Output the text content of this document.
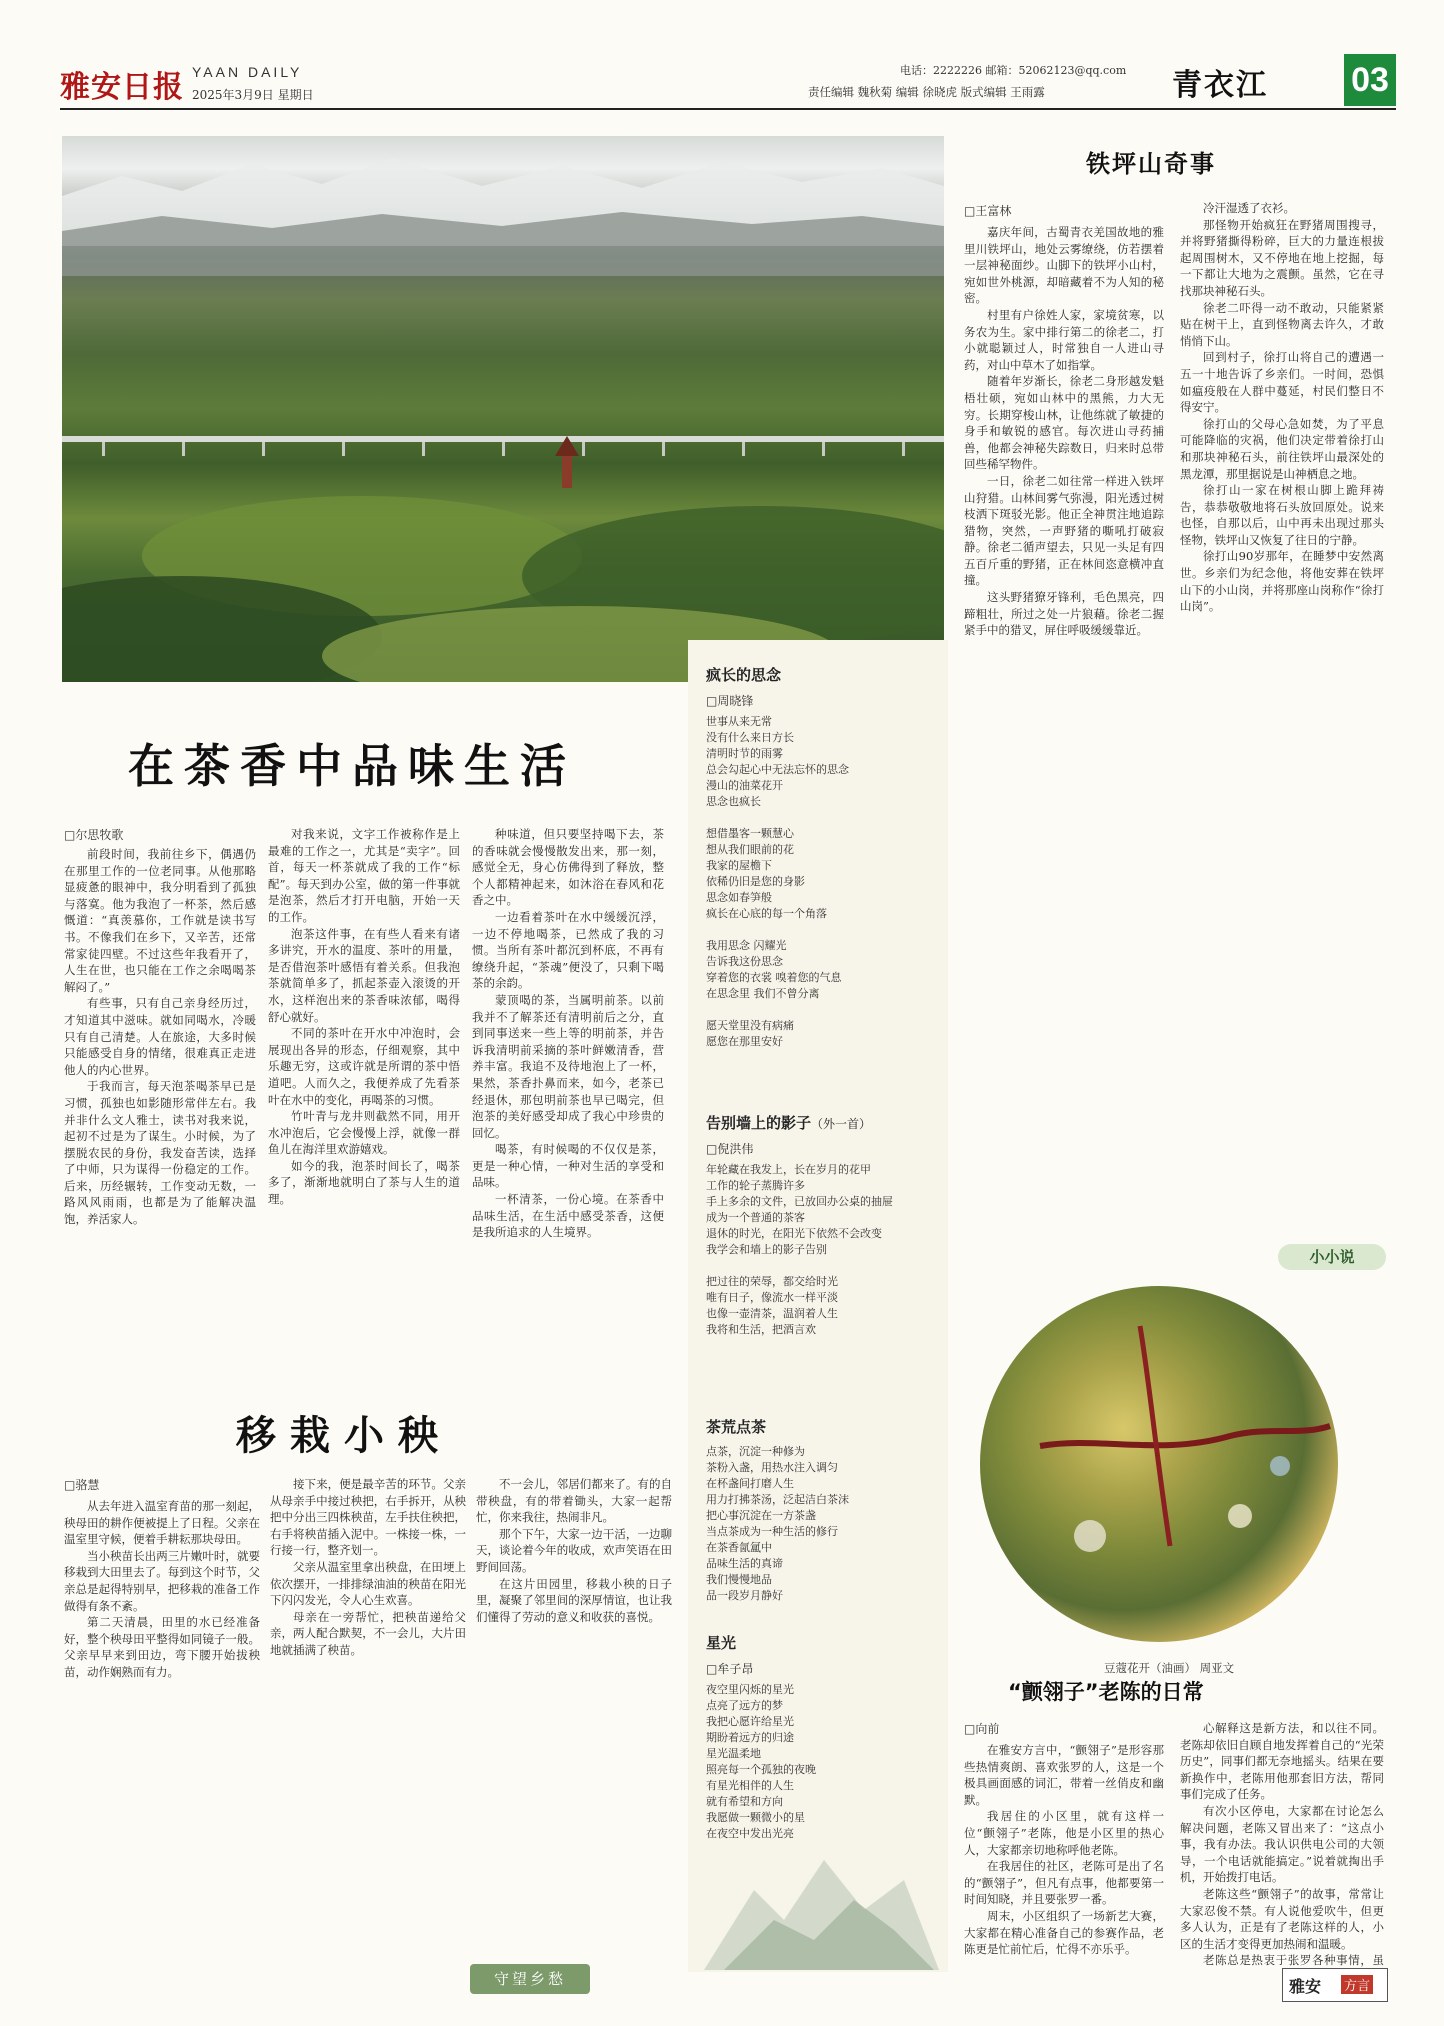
雅安日报 YAAN DAILY
2025年3月9日 星期日
电话：2222226 邮箱：52062123@qq.com
责任编辑 魏秋菊 编辑 徐晓虎 版式编辑 王雨露	青衣江 03
铁坪山奇事
□王富林

嘉庆年间，古蜀青衣羌国故地的雅里川铁坪山，地处云雾缭绕，仿若摆着一层神秘面纱。山脚下的铁坪小山村，宛如世外桃源，却暗藏着不为人知的秘密。

村里有户徐姓人家，家境贫寒，以务农为生。家中排行第二的徐老二，打小就聪颖过人，时常独自一人进山寻药，对山中草木了如指掌。

随着年岁渐长，徐老二身形越发魁梧壮硕，宛如山林中的黑熊，力大无穷。长期穿梭山林，让他练就了敏捷的身手和敏锐的感官。每次进山寻药捕兽，他都会神秘失踪数日，归来时总带回些稀罕物件。

一日，徐老二如往常一样进入铁坪山狩猎。山林间雾气弥漫，阳光透过树枝洒下斑驳光影。他正全神贯注地追踪猎物，突然，一声野猪的嘶吼打破寂静。徐老二循声望去，只见一头足有四五百斤重的野猪，正在林间恣意横冲直撞。

这头野猪獠牙锋利，毛色黑亮，四蹄粗壮，所过之处一片狼藉。徐老二握紧手中的猎叉，屏住呼吸缓缓靠近。

冷汗湿透了衣衫。

那怪物开始疯狂在野猪周围搜寻，并将野猪撕得粉碎，巨大的力量连根拔起周围树木，又不停地在地上挖掘，每一下都让大地为之震颤。虽然，它在寻找那块神秘石头。

徐老二吓得一动不敢动，只能紧紧贴在树干上，直到怪物离去许久，才敢悄悄下山。

回到村子，徐打山将自己的遭遇一五一十地告诉了乡亲们。一时间，恐惧如瘟疫般在人群中蔓延，村民们整日不得安宁。

徐打山的父母心急如焚，为了平息可能降临的灾祸，他们决定带着徐打山和那块神秘石头，前往铁坪山最深处的黑龙潭，那里据说是山神栖息之地。

徐打山一家在树根山脚上跪拜祷告，恭恭敬敬地将石头放回原处。说来也怪，自那以后，山中再未出现过那头怪物，铁坪山又恢复了往日的宁静。

徐打山90岁那年，在睡梦中安然离世。乡亲们为纪念他，将他安葬在铁坪山下的小山岗，并将那座山岗称作“徐打山岗”。

小小说
在茶香中品味生活
□尔思牧歌

前段时间，我前往乡下，偶遇仍在那里工作的一位老同事。从他那略显疲惫的眼神中，我分明看到了孤独与落寞。他为我泡了一杯茶，然后感慨道：“真羡慕你，工作就是读书写书。不像我们在乡下，又辛苦，还常常家徒四壁。不过这些年我看开了，人生在世，也只能在工作之余喝喝茶解闷了。”

有些事，只有自己亲身经历过，才知道其中滋味。就如同喝水，冷暖只有自己清楚。人在旅途，大多时候只能感受自身的情绪，很难真正走进他人的内心世界。

于我而言，每天泡茶喝茶早已是习惯，孤独也如影随形常伴左右。我并非什么文人雅士，读书对我来说，起初不过是为了谋生。小时候，为了摆脱农民的身份，我发奋苦读，选择了中师，只为谋得一份稳定的工作。后来，历经辗转，工作变动无数，一路风风雨雨，也都是为了能解决温饱，养活家人。

对我来说，文字工作被称作是上最难的工作之一，尤其是“卖字”。回首，每天一杯茶就成了我的工作“标配”。每天到办公室，做的第一件事就是泡茶，然后才打开电脑，开始一天的工作。

泡茶这件事，在有些人看来有诸多讲究，开水的温度、茶叶的用量，是否借泡茶叶感悟有着关系。但我泡茶就简单多了，抓起茶壶入滚烫的开水，这样泡出来的茶香味浓郁，喝得舒心就好。

不同的茶叶在开水中冲泡时，会展现出各异的形态，仔细观察，其中乐趣无穷，这或许就是所谓的茶中悟道吧。人而久之，我便养成了先看茶叶在水中的变化，再喝茶的习惯。

竹叶青与龙井则截然不同，用开水冲泡后，它会慢慢上浮，就像一群鱼儿在海洋里欢游嬉戏。

如今的我，泡茶时间长了，喝茶多了，渐渐地就明白了茶与人生的道理。

种味道，但只要坚持喝下去，茶的香味就会慢慢散发出来，那一刻，感觉全无，身心仿佛得到了释放，整个人都精神起来，如沐浴在春风和花香之中。

一边看着茶叶在水中缓缓沉浮，一边不停地喝茶，已然成了我的习惯。当所有茶叶都沉到杯底，不再有缭绕升起，“茶魂”便没了，只剩下喝茶的余韵。

蒙顶喝的茶，当属明前茶。以前我并不了解茶还有清明前后之分，直到同事送来一些上等的明前茶，并告诉我清明前采摘的茶叶鲜嫩清香，营养丰富。我追不及待地泡上了一杯，果然，茶香扑鼻而来，如今，老茶已经退休，那包明前茶也早已喝完，但泡茶的美好感受却成了我心中珍贵的回忆。

喝茶，有时候喝的不仅仅是茶，更是一种心情，一种对生活的享受和品味。

一杯清茶，一份心境。在茶香中品味生活，在生活中感受茶香，这便是我所追求的人生境界。

疯长的思念
□周晓锋
世事从来无常
没有什么来日方长
清明时节的雨雾
总会勾起心中无法忘怀的思念
漫山的油菜花开
思念也疯长

想借墨客一颗慧心
想从我们眼前的花
我家的屋檐下
依稀仍旧是您的身影
思念如春笋般
疯长在心底的每一个角落

我用思念 闪耀光
告诉我这份思念
穿着您的衣裳 嗅着您的气息
在思念里 我们不曾分离

愿天堂里没有病痛
愿您在那里安好
告别墙上的影子（外一首）
□倪洪伟
年轮藏在我发上，长在岁月的花甲
工作的轮子蒸腾许多
手上多余的文件，已放回办公桌的抽屉
成为一个普通的茶客
退休的时光，在阳光下依然不会改变
我学会和墙上的影子告别

把过往的荣辱，都交给时光
唯有日子，像流水一样平淡
也像一壶清茶，温润着人生
我将和生活，把酒言欢
茶荒点茶
点茶，沉淀一种修为
茶粉入盏，用热水注入调匀
在杯盏间打磨人生
用力打拂茶汤，泛起洁白茶沫
把心事沉淀在一方茶盏
当点茶成为一种生活的修行
在茶香氤氲中
品味生活的真谛
我们慢慢地品
品一段岁月静好
星光
□牟子昂
夜空里闪烁的星光
点亮了远方的梦
我把心愿许给星光
期盼着远方的归途
星光温柔地
照亮每一个孤独的夜晚
有星光相伴的人生
就有希望和方向
我愿做一颗微小的星
在夜空中发出光亮
守望乡愁
移栽小秧
□骆慧

从去年进入温室育苗的那一刻起，秧母田的耕作便被提上了日程。父亲在温室里守候，便着手耕耘那块母田。

当小秧苗长出两三片嫩叶时，就要移栽到大田里去了。每到这个时节，父亲总是起得特别早，把移栽的准备工作做得有条不紊。

第二天清晨，田里的水已经准备好，整个秧母田平整得如同镜子一般。父亲早早来到田边，弯下腰开始拔秧苗，动作娴熟而有力。

接下来，便是最辛苦的环节。父亲从母亲手中接过秧把，右手拆开，从秧把中分出三四株秧苗，左手扶住秧把，右手将秧苗插入泥中。一株接一株，一行接一行，整齐划一。

父亲从温室里拿出秧盘，在田埂上依次摆开，一排排绿油油的秧苗在阳光下闪闪发光，令人心生欢喜。

母亲在一旁帮忙，把秧苗递给父亲，两人配合默契，不一会儿，大片田地就插满了秧苗。

不一会儿，邻居们都来了。有的自带秧盘，有的带着锄头，大家一起帮忙，你来我往，热闹非凡。

那个下午，大家一边干活，一边聊天，谈论着今年的收成，欢声笑语在田野间回荡。

在这片田园里，移栽小秧的日子里，凝聚了邻里间的深厚情谊，也让我们懂得了劳动的意义和收获的喜悦。

豆蔻花开（油画） 周亚文
“颤翎子”老陈的日常
□向前

在雅安方言中，“颤翎子”是形容那些热情爽朗、喜欢张罗的人，这是一个极具画面感的词汇，带着一丝俏皮和幽默。

我居住的小区里，就有这样一位“颤翎子”老陈，他是小区里的热心人，大家都亲切地称呼他老陈。

在我居住的社区，老陈可是出了名的“颤翎子”，但凡有点事，他都要第一时间知晓，并且要张罗一番。

周末，小区组织了一场新艺大赛，大家都在精心准备自己的参赛作品，老陈更是忙前忙后，忙得不亦乐乎。

心解释这是新方法，和以往不同。老陈却依旧自顾自地发挥着自己的“光荣历史”，同事们都无奈地摇头。结果在要新换作中，老陈用他那套旧方法，帮同事们完成了任务。

有次小区停电，大家都在讨论怎么解决问题，老陈又冒出来了：“这点小事，我有办法。我认识供电公司的大领导，一个电话就能搞定。”说着就掏出手机，开始拨打电话。

老陈这些“颤翎子”的故事，常常让大家忍俊不禁。有人说他爱吹牛，但更多人认为，正是有了老陈这样的人，小区的生活才变得更加热闹和温暖。

老陈总是热衷于张罗各种事情，虽

雅安 方言
